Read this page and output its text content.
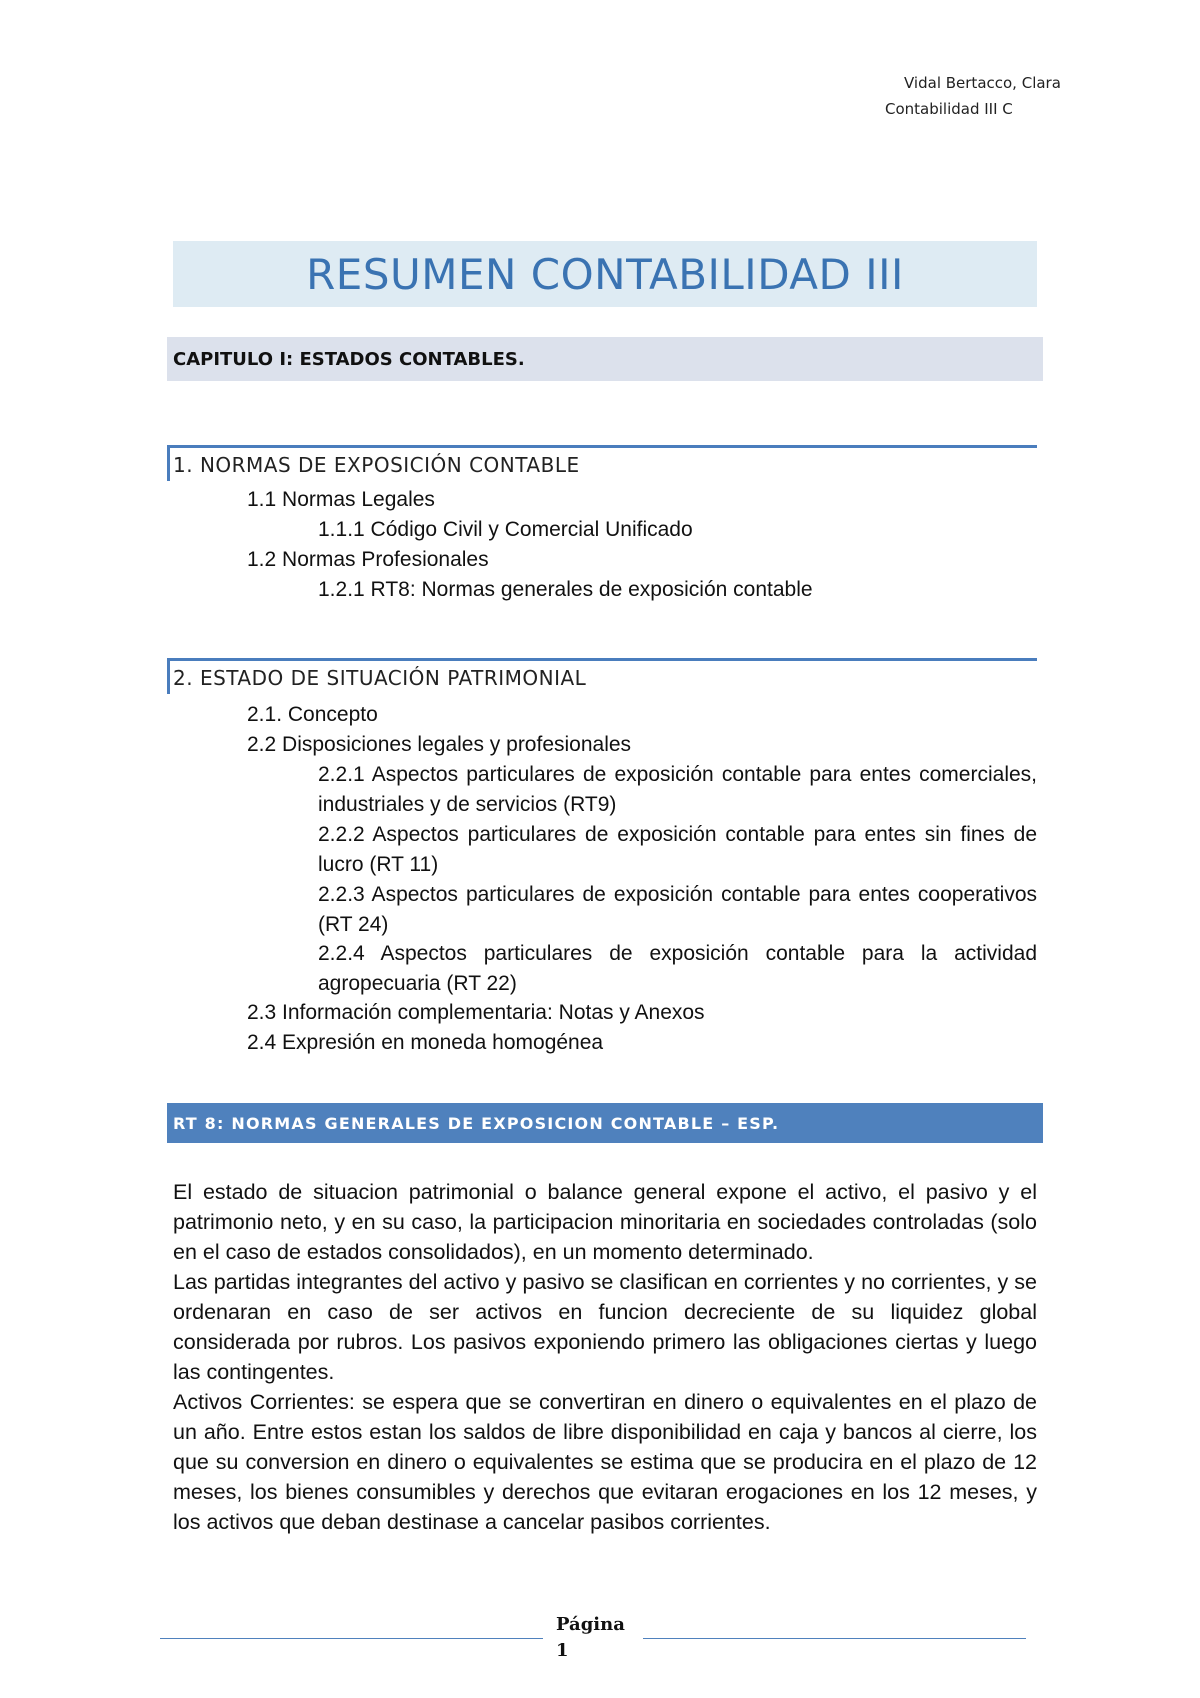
Vidal Bertacco, Clara
Contabilidad III C
RESUMEN CONTABILIDAD III
CAPITULO I: ESTADOS CONTABLES.
1. NORMAS DE EXPOSICIÓN CONTABLE
1.1 Normas Legales
1.1.1 Código Civil y Comercial Unificado
1.2 Normas Profesionales
1.2.1 RT8: Normas generales de exposición contable
2. ESTADO DE SITUACIÓN PATRIMONIAL
2.1. Concepto
2.2 Disposiciones legales y profesionales
2.2.1 Aspectos particulares de exposición contable para entes comerciales, industriales y de servicios (RT9)
2.2.2 Aspectos particulares de exposición contable para entes sin fines de lucro (RT 11)
2.2.3 Aspectos particulares de exposición contable para entes cooperativos (RT 24)
2.2.4 Aspectos particulares de exposición contable para la actividad agropecuaria (RT 22)
2.3 Información complementaria: Notas y Anexos
2.4 Expresión en moneda homogénea
RT 8: NORMAS GENERALES DE EXPOSICION CONTABLE – ESP.

El estado de situacion patrimonial o balance general expone el activo, el pasivo y el patrimonio neto, y en su caso, la participacion minoritaria en sociedades controladas (solo en el caso de estados consolidados), en un momento determinado.

Las partidas integrantes del activo y pasivo se clasifican en corrientes y no corrientes, y se ordenaran en caso de ser activos en funcion decreciente de su liquidez global considerada por rubros. Los pasivos exponiendo primero las obligaciones ciertas y luego las contingentes.

Activos Corrientes: se espera que se convertiran en dinero o equivalentes en el plazo de un año. Entre estos estan los saldos de libre disponibilidad en caja y bancos al cierre, los que su conversion en dinero o equivalentes se estima que se producira en el plazo de 12 meses, los bienes consumibles y derechos que evitaran erogaciones en los 12 meses, y los activos que deban destinase a cancelar pasibos corrientes.

Página
1
